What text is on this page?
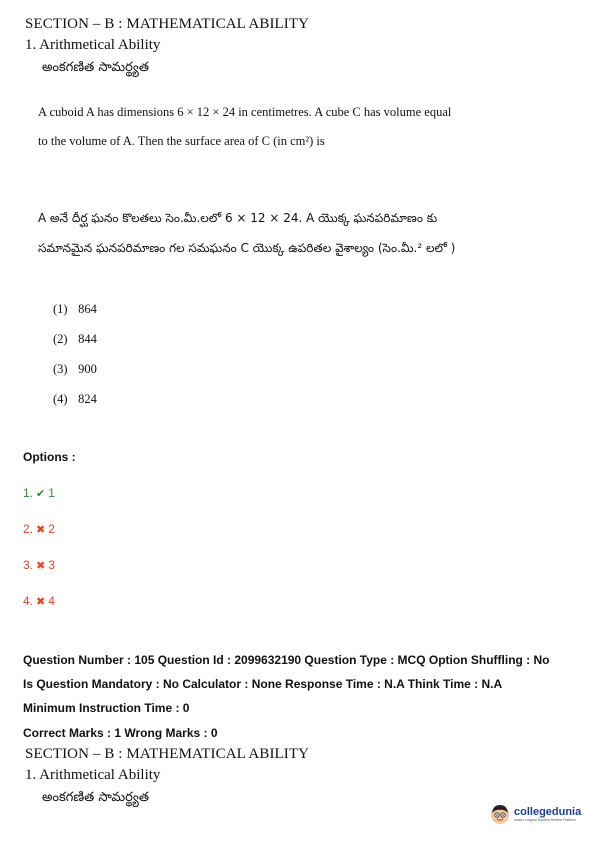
SECTION – B : MATHEMATICAL ABILITY
1. Arithmetical Ability
అంకగణిత సామర్థ్యత
A cuboid A has dimensions 6 × 12 × 24 in centimetres. A cube C has volume equal
to the volume of A. Then the surface area of C (in cm²) is
A అనే దీర్ఘ ఘనం కొలతలు సెం.మీ.లలో 6 × 12 × 24. A యొక్క ఘనపరిమాణం కు
సమానమైన ఘనపరిమాణం గల సమఘనం C యొక్క ఉపరితల వైశాల్యం (సెం.మీ.² లలో )
(1) 864
(2) 844
(3) 900
(4) 824
Options :
1. ✔ 1
2. ✖ 2
3. ✖ 3
4. ✖ 4
Question Number : 105 Question Id : 2099632190 Question Type : MCQ Option Shuffling : No
Is Question Mandatory : No Calculator : None Response Time : N.A Think Time : N.A
Minimum Instruction Time : 0
Correct Marks : 1 Wrong Marks : 0
SECTION – B : MATHEMATICAL ABILITY
1. Arithmetical Ability
అంకగణిత సామర్థ్యత
collegedunia
India's Largest Student Review Platform
